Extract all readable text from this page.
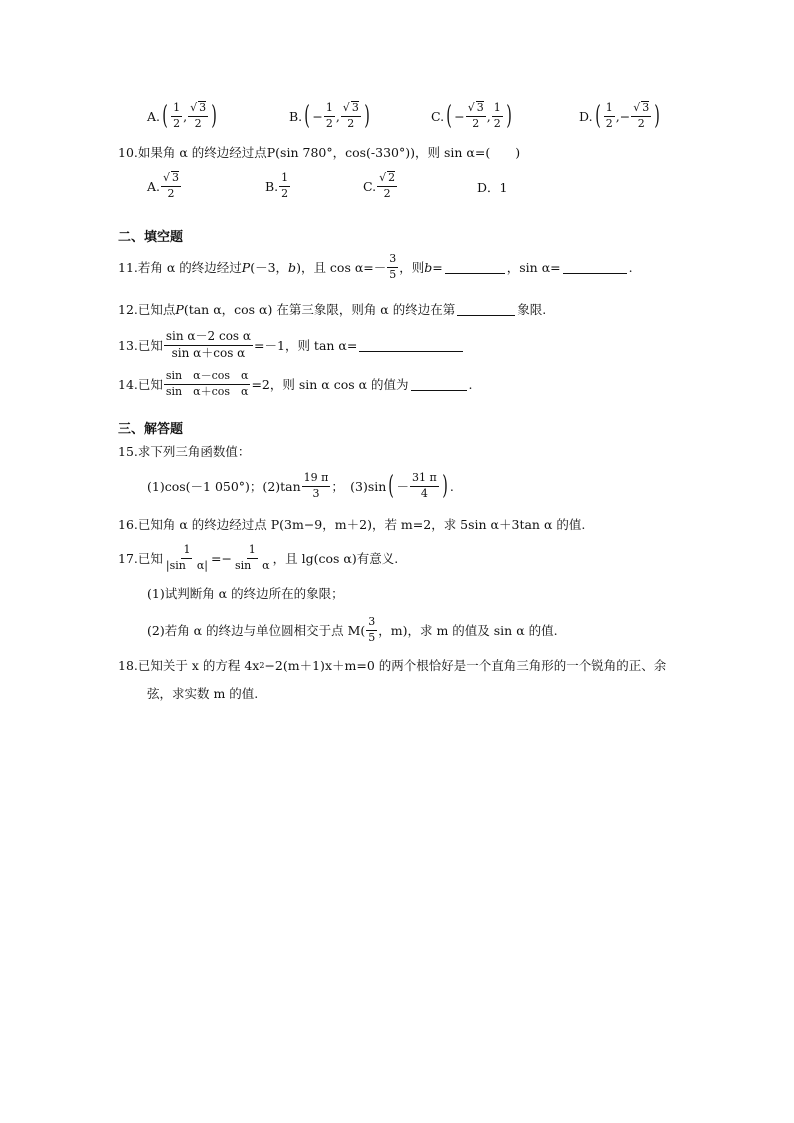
A. ( $\frac{1}{2}$ , $\frac{√ 3}{2}$ )	B. ( − $\frac{1}{2}$ , $\frac{√ 3}{2}$ )	C. ( − $\frac{√ 3}{2}$ , $\frac{1}{2}$ )	D. ( $\frac{1}{2}$ , − $\frac{√ 3}{2}$ )
10.如果角 α 的终边经过点P(sin 780°，cos(-330°))，则 sin α=(　　)
A. $\frac{√ 3}{2}$	B. $\frac{1}{2}$	C. $\frac{√ 2}{2}$	D．1
二、填空题
11.若角 α 的终边经过 P (－3， b )，且 $\cos \alpha=- \frac{3}{5}$ ，则 b =	，sin α=	.
12.已知点 P (tan α，cos α) 在第三象限，则角 α 的终边在第	象限.
13.已知 $\frac{\text{sin α－2 cos α}}{\text{sin α＋cos α}} =-1$，则 tan α=
14.已知 $\frac{\text{sin　α－cos　α}}{\text{sin　α＋cos　α}} =2$，则 sin α cos α 的值为	.
三、解答题
15.求下列三角函数值：
(1)cos(－1 050°)；$(2)\tan \frac{19 \pi}{3}$ ；　(3)sin ( － $\frac{31 \pi}{4}$ ) .
16.已知角 α 的终边经过点 P(3m−9，m＋2)，若 m=2，求 5sin α＋3tan α 的值.
17.已知 $\frac{1}{\text{|sin　α|}} =- \frac{1}{\text{sin　α}}$ ，且 lg(cos α)有意义.
(1)试判断角 α 的终边所在的象限；
(2)若角 α 的终边与单位圆相交于点 $M( \frac{3}{5}$ ，m)，求 m 的值及 sin α 的值.
18.已知关于 x 的方程 4x 2 −2(m＋1)x＋m=0 的两个根恰好是一个直角三角形的一个锐角的正、余
弦，求实数 m 的值.
